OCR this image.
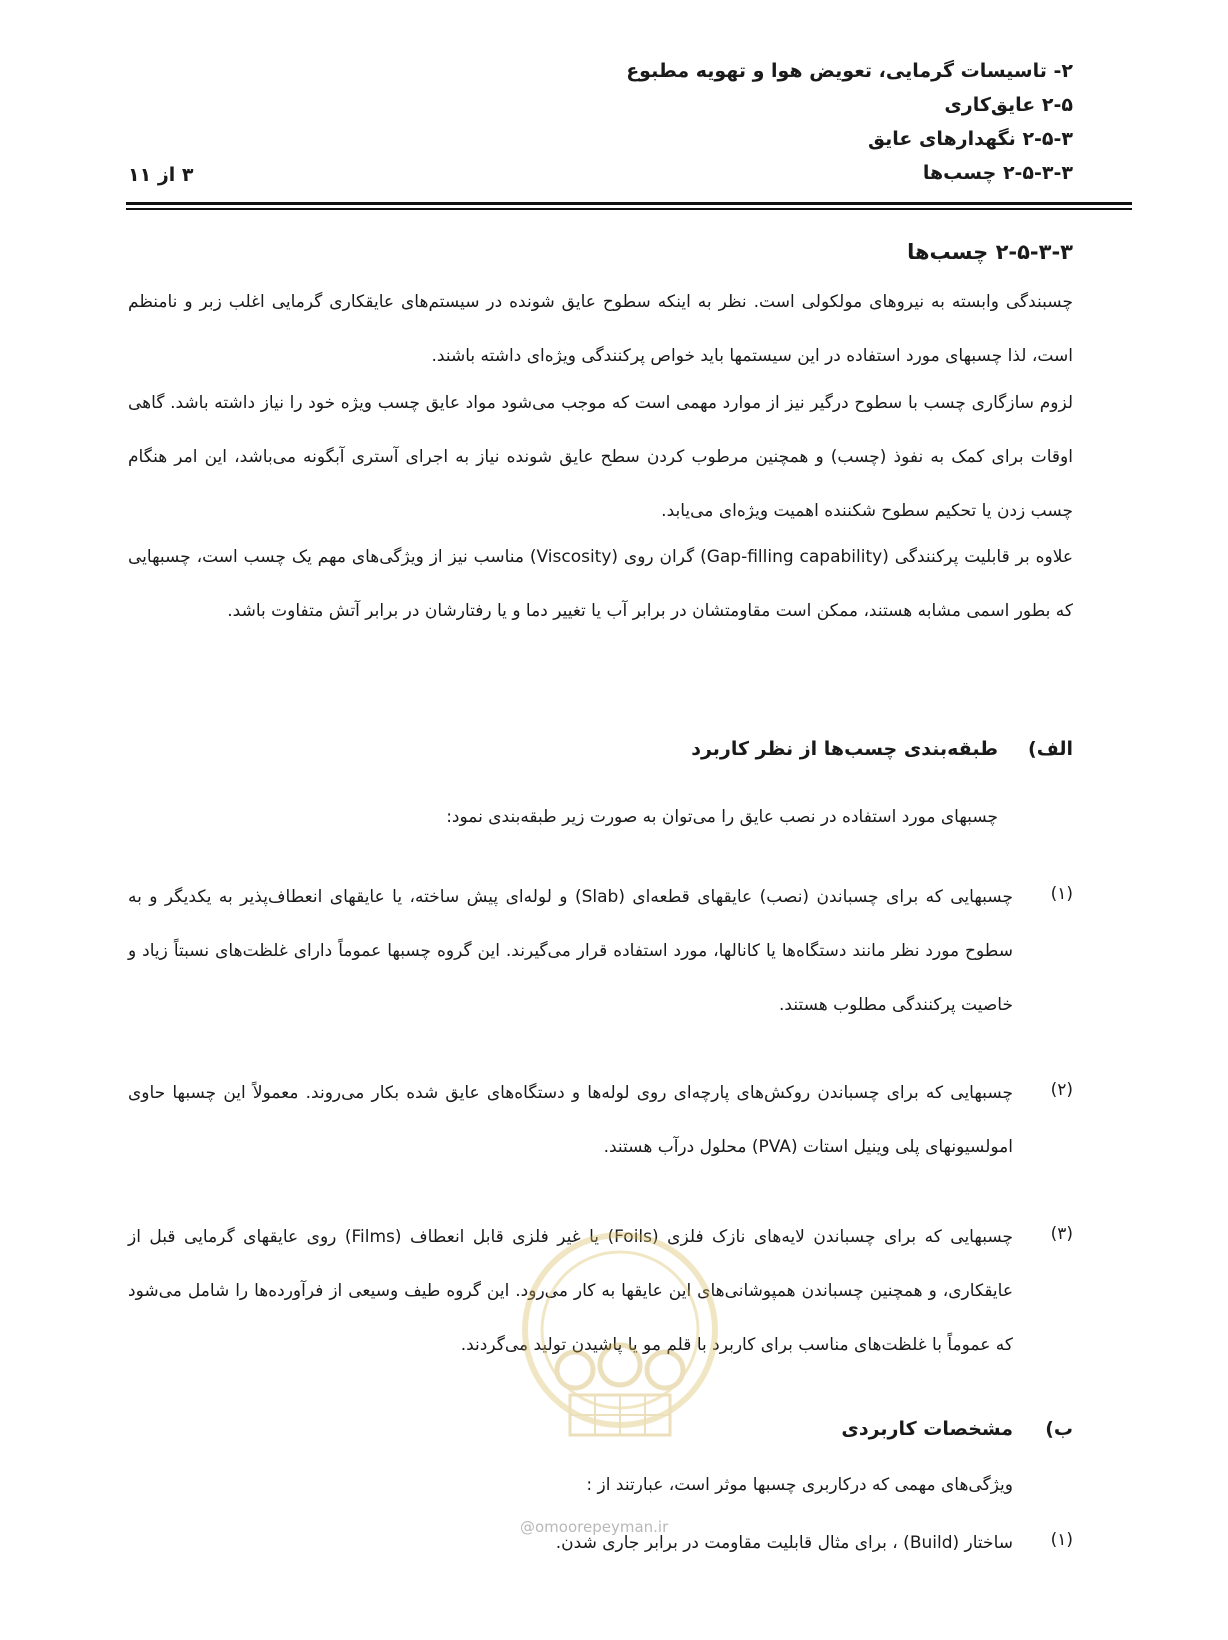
۲- تاسیسات گرمایی، تعویض هوا و تهویه مطبوع
۲-۵ عایق‌کاری
۲-۵-۳ نگهدارهای عایق
۲-۵-۳-۳ چسب‌ها
۳ از ۱۱
۲-۵-۳-۳ چسب‌ها
چسبندگی وابسته به نیروهای مولکولی است. نظر به اینکه سطوح عایق شونده در سیستم‌های عایقکاری گرمایی اغلب زبر و نامنظم است، لذا چسبهای مورد استفاده در این سیستمها باید خواص پرکنندگی ویژه‌ای داشته باشند.
لزوم سازگاری چسب با سطوح درگیر نیز از موارد مهمی است که موجب می‌شود مواد عایق چسب ویژه خود را نیاز داشته باشد. گاهی اوقات برای کمک به نفوذ (چسب) و همچنین مرطوب کردن سطح عایق شونده نیاز به اجرای آستری آبگونه می‌باشد، این امر هنگام چسب زدن یا تحکیم سطوح شکننده اهمیت ویژه‌ای می‌یابد.
علاوه بر قابلیت پرکنندگی (Gap-filling capability) گران روی (Viscosity) مناسب نیز از ویژگی‌های مهم یک چسب است، چسبهایی که بطور اسمی مشابه هستند، ممکن است مقاومتشان در برابر آب یا تغییر دما و یا رفتارشان در برابر آتش متفاوت باشد.
الف)
طبقه‌بندی چسب‌ها از نظر کاربرد
چسبهای مورد استفاده در نصب عایق را می‌توان به صورت زیر طبقه‌بندی نمود:
(۱)
چسبهایی که برای چسباندن (نصب) عایقهای قطعه‌ای (Slab) و لوله‌ای پیش ساخته، یا عایقهای انعطاف‌پذیر به یکدیگر و به سطوح مورد نظر مانند دستگاه‌ها یا کانالها، مورد استفاده قرار می‌گیرند. این گروه چسبها عموماً دارای غلظت‌های نسبتاً زیاد و خاصیت پرکنندگی مطلوب هستند.
(۲)
چسبهایی که برای چسباندن روکش‌های پارچه‌ای روی لوله‌ها و دستگاه‌های عایق شده بکار می‌روند. معمولاً این چسبها حاوی امولسیونهای پلی وینیل استات (PVA) محلول درآب هستند.
(۳)
چسبهایی که برای چسباندن لایه‌های نازک فلزی (Foils) یا غیر فلزی قابل انعطاف (Films) روی عایقهای گرمایی قبل از عایقکاری، و همچنین چسباندن همپوشانی‌های این عایقها به کار می‌رود. این گروه طیف وسیعی از فرآورده‌ها را شامل می‌شود که عموماً با غلظت‌های مناسب برای کاربرد با قلم مو یا پاشیدن تولید می‌گردند.
ب)
مشخصات کاربردی
@omoorepeyman.ir
ویژگی‌های مهمی که درکاربری چسبها موثر است، عبارتند از :
(۱)
ساختار (Build) ، برای مثال قابلیت مقاومت در برابر جاری شدن.
